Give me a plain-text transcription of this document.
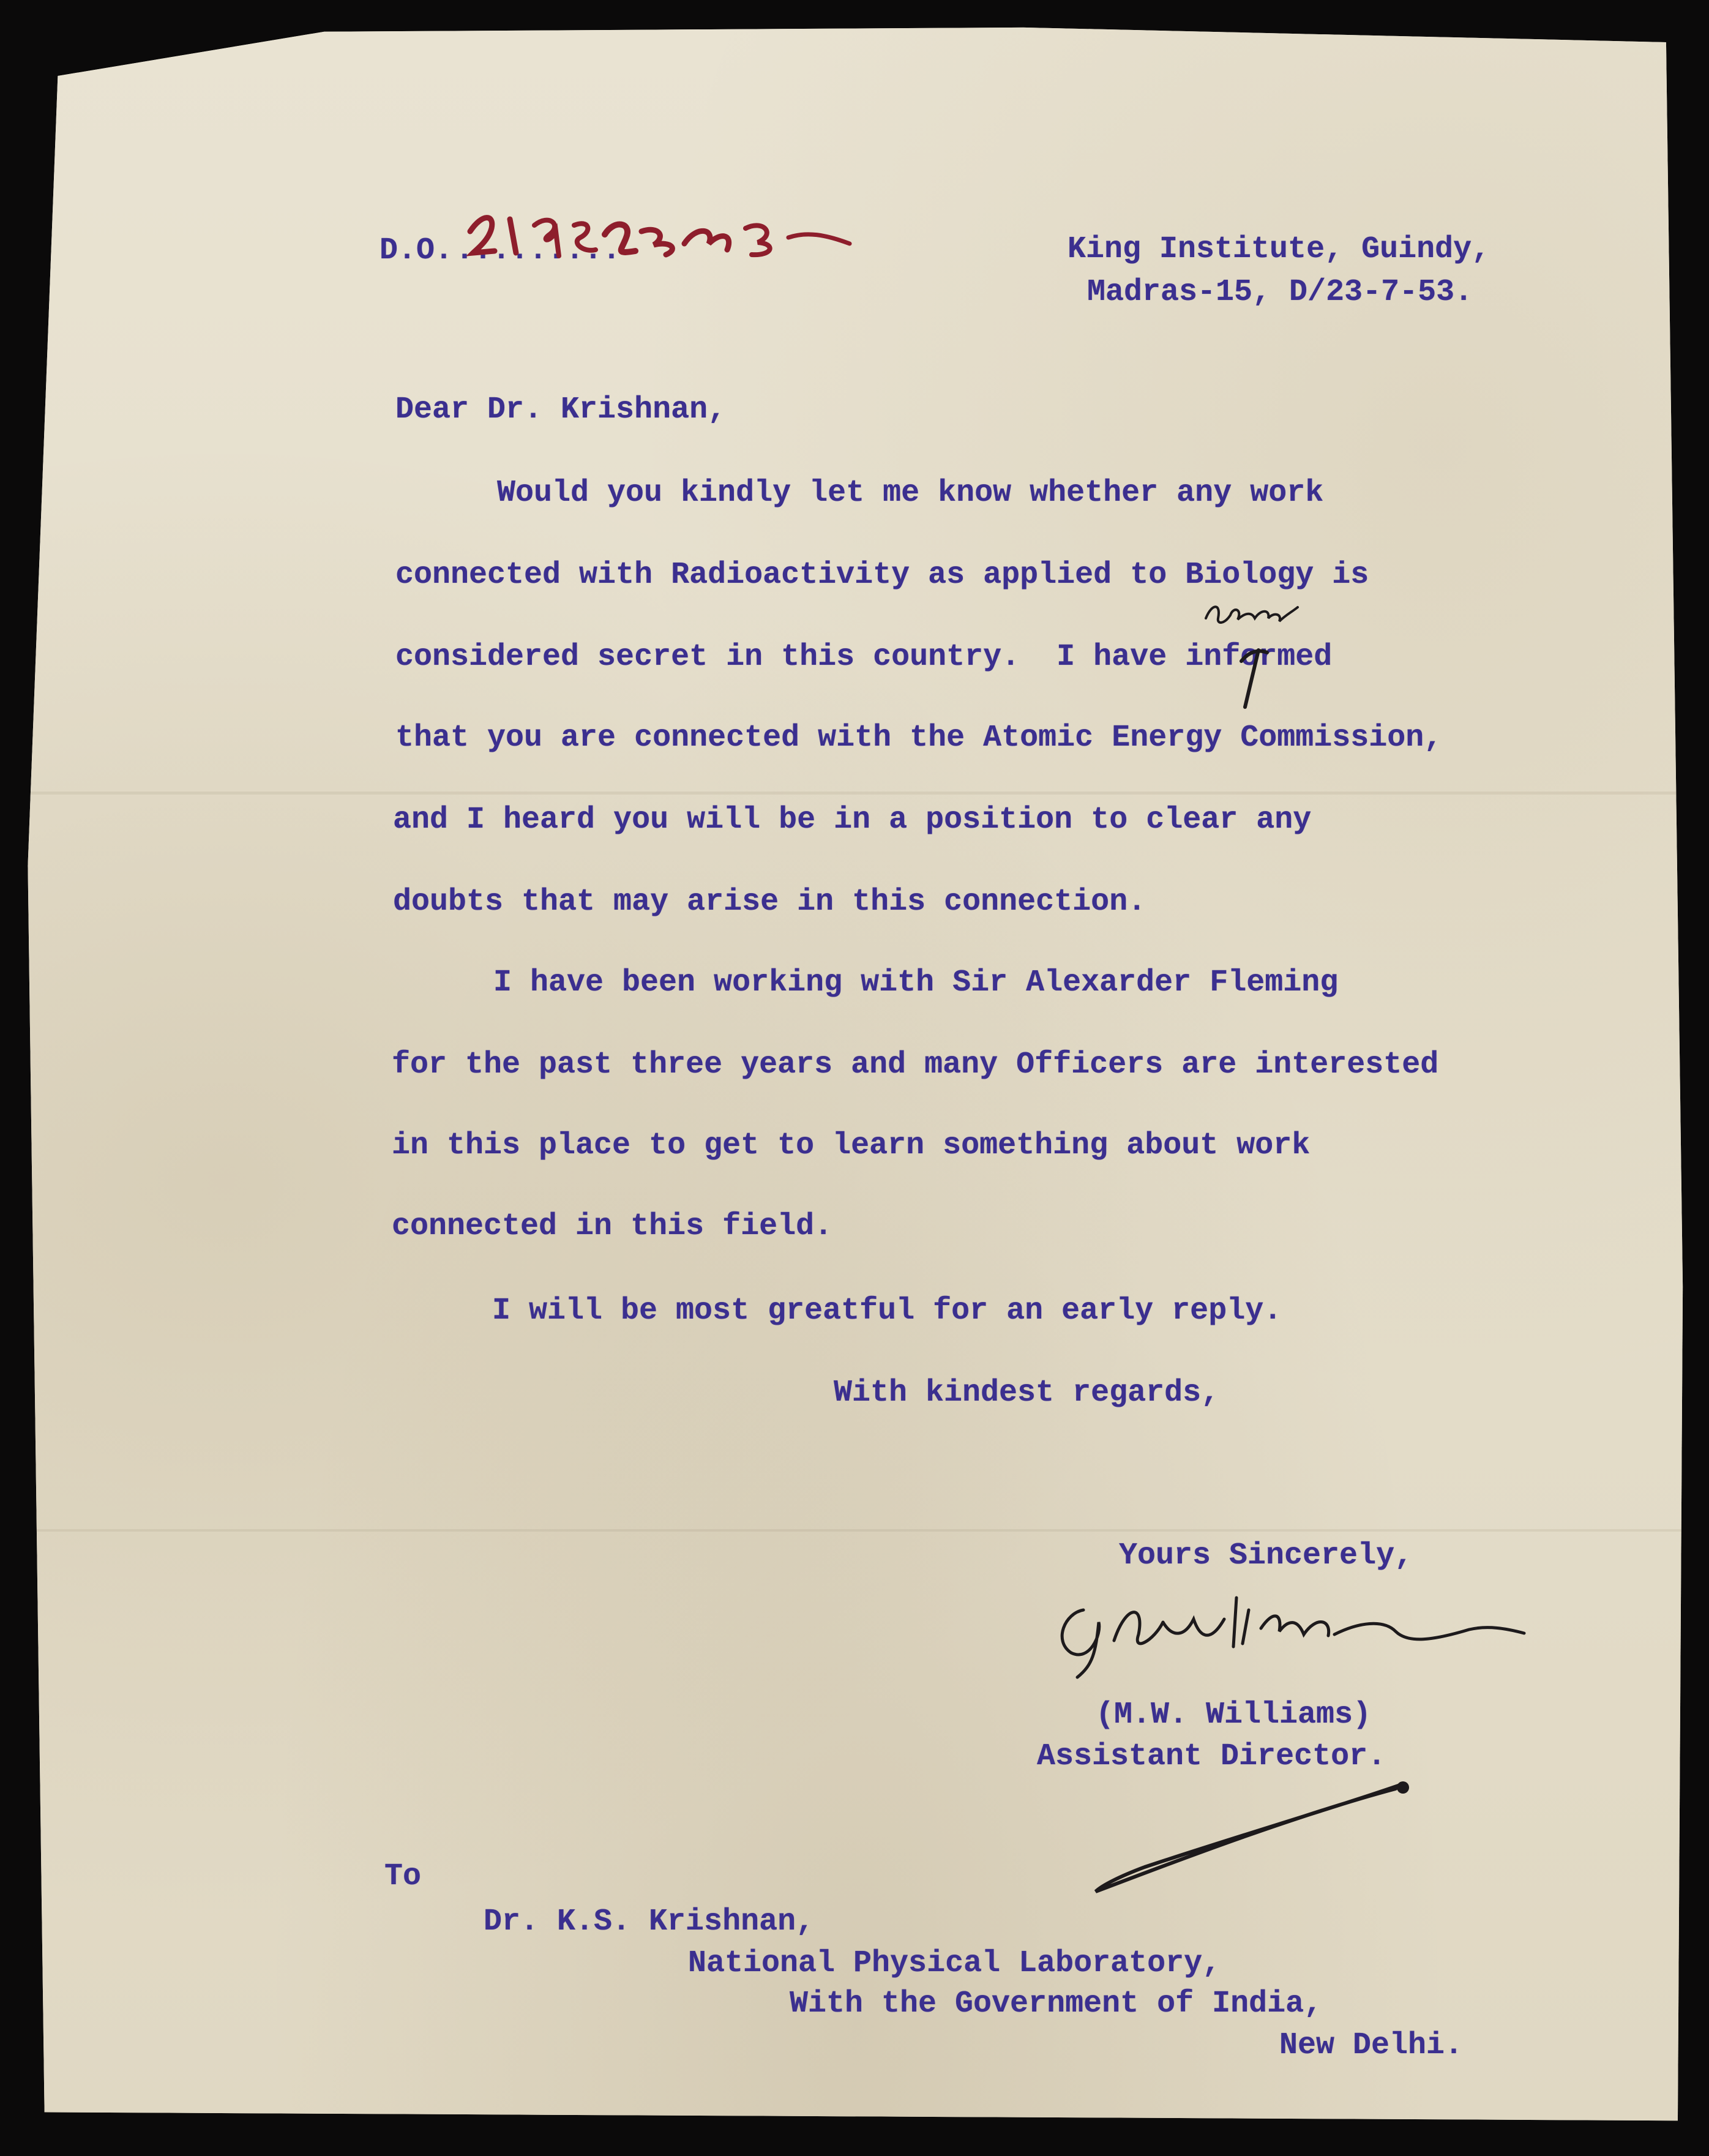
D.O. .........	King Institute, Guindy,

Madras-15, D/23-7-53.

Dear Dr. Krishnan,

Would you kindly let me know whether any work

connected with Radioactivity as applied to Biology is

considered secret in this country.  I have informed

that you are connected with the Atomic Energy Commission,

and I heard you will be in a position to clear any

doubts that may arise in this connection.

I have been working with Sir Alexarder Fleming

for the past three years and many Officers are interested

in this place to get to learn something about work

connected in this field.

I will be most greatful for an early reply.

With kindest regards,

Yours Sincerely,

(M.W. Williams)

Assistant Director.

To

Dr. K.S. Krishnan,

National Physical Laboratory,

With the Government of India,

New Delhi.
